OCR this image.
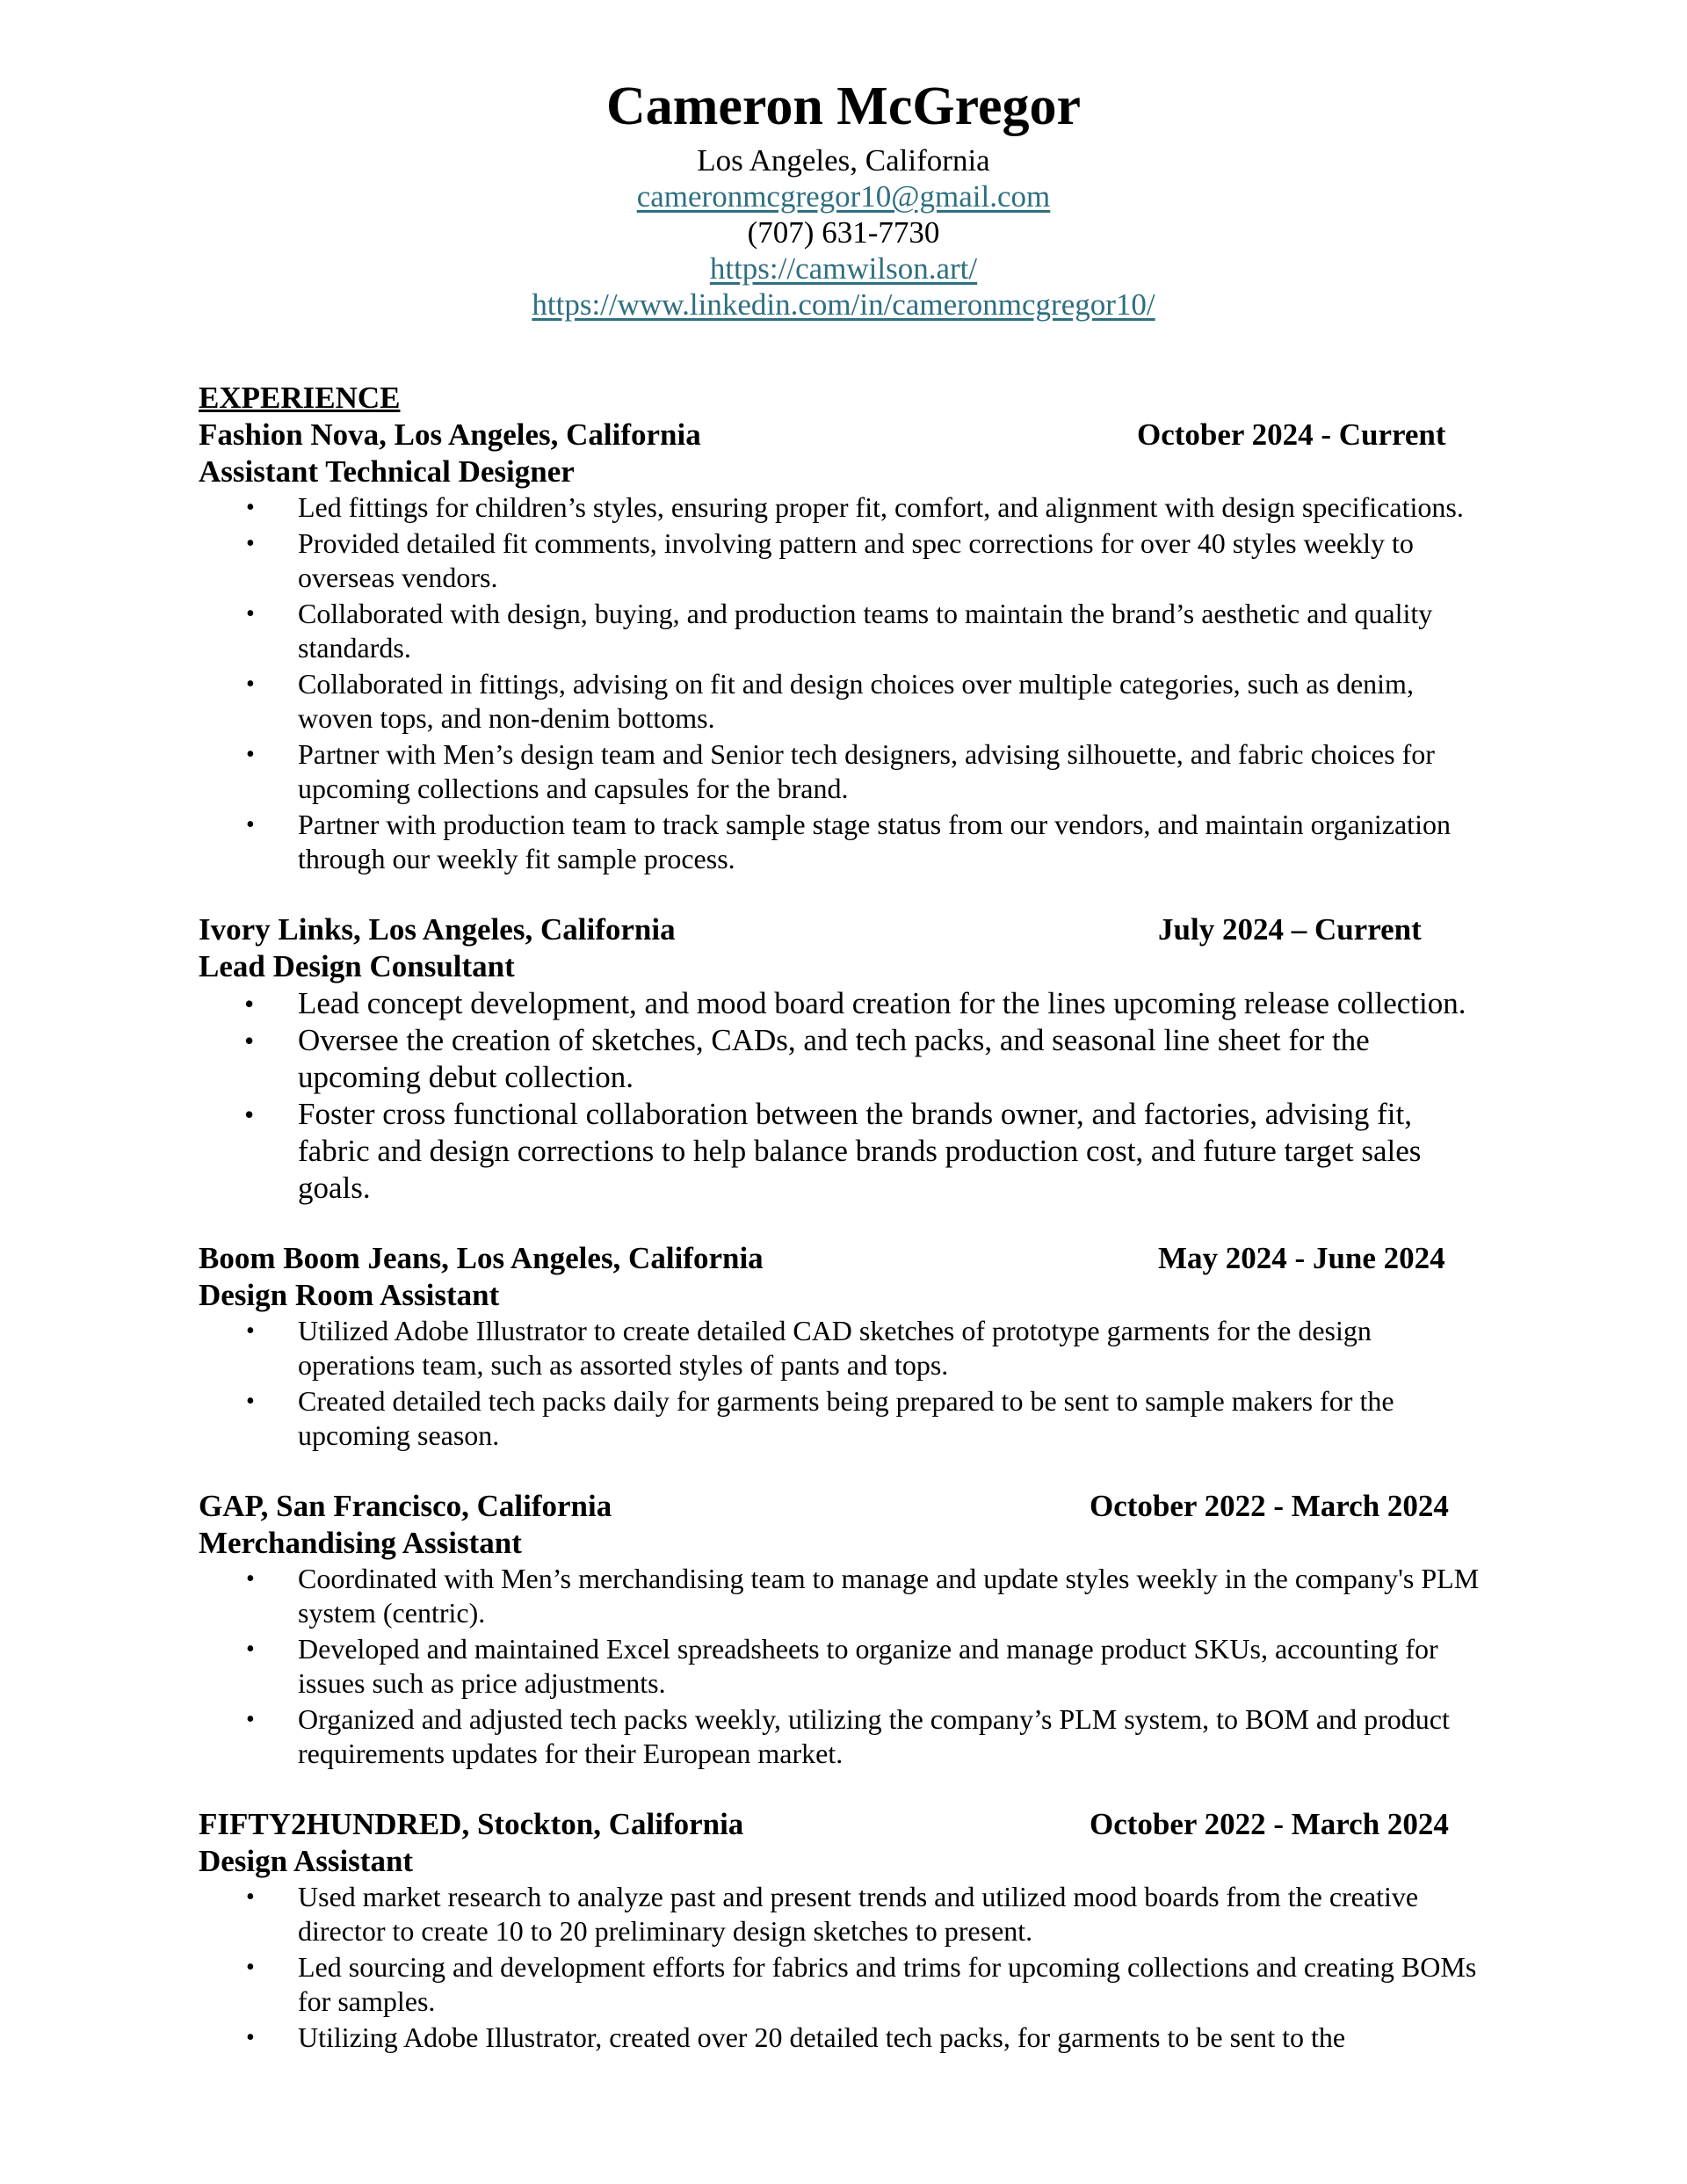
Cameron McGregor
Los Angeles, California
cameronmcgregor10@gmail.com
(707) 631-7730
https://camwilson.art/
https://www.linkedin.com/in/cameronmcgregor10/
EXPERIENCE
Fashion Nova, Los Angeles, California	October 2024 - Current
Assistant Technical Designer
• Led fittings for children’s styles, ensuring proper fit, comfort, and alignment with design specifications.
• Provided detailed fit comments, involving pattern and spec corrections for over 40 styles weekly to overseas vendors.
• Collaborated with design, buying, and production teams to maintain the brand’s aesthetic and quality standards.
• Collaborated in fittings, advising on fit and design choices over multiple categories, such as denim, woven tops, and non-denim bottoms.
• Partner with Men’s design team and Senior tech designers, advising silhouette, and fabric choices for upcoming collections and capsules for the brand.
• Partner with production team to track sample stage status from our vendors, and maintain organization through our weekly fit sample process.
Ivory Links, Los Angeles, California	July 2024 – Current
Lead Design Consultant
• Lead concept development, and mood board creation for the lines upcoming release collection.
• Oversee the creation of sketches, CADs, and tech packs, and seasonal line sheet for the upcoming debut collection.
• Foster cross functional collaboration between the brands owner, and factories, advising fit, fabric and design corrections to help balance brands production cost, and future target sales goals.
Boom Boom Jeans, Los Angeles, California	May 2024 - June 2024
Design Room Assistant
• Utilized Adobe Illustrator to create detailed CAD sketches of prototype garments for the design operations team, such as assorted styles of pants and tops.
• Created detailed tech packs daily for garments being prepared to be sent to sample makers for the upcoming season.
GAP, San Francisco, California	October 2022 - March 2024
Merchandising Assistant
• Coordinated with Men’s merchandising team to manage and update styles weekly in the company's PLM system (centric).
• Developed and maintained Excel spreadsheets to organize and manage product SKUs, accounting for issues such as price adjustments.
• Organized and adjusted tech packs weekly, utilizing the company’s PLM system, to BOM and product requirements updates for their European market.
FIFTY2HUNDRED, Stockton, California	October 2022 - March 2024
Design Assistant
• Used market research to analyze past and present trends and utilized mood boards from the creative director to create 10 to 20 preliminary design sketches to present.
• Led sourcing and development efforts for fabrics and trims for upcoming collections and creating BOMs for samples.
• Utilizing Adobe Illustrator, created over 20 detailed tech packs, for garments to be sent to the
